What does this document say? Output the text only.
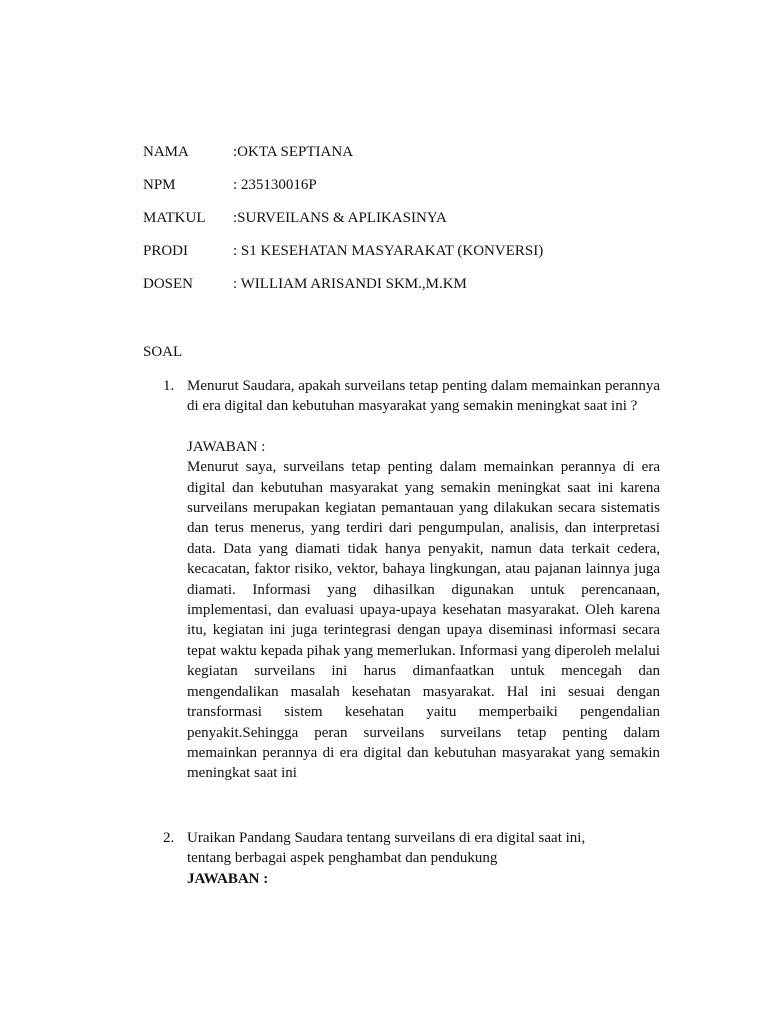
NAMA	:OKTA SEPTIANA
NPM	: 235130016P
MATKUL	:SURVEILANS & APLIKASINYA
PRODI	: S1 KESEHATAN MASYARAKAT (KONVERSI)
DOSEN	: WILLIAM ARISANDI SKM.,M.KM
SOAL
1. Menurut Saudara, apakah surveilans tetap penting dalam memainkan perannya di era digital dan kebutuhan masyarakat yang semakin meningkat saat ini ?
JAWABAN :
Menurut saya, surveilans tetap penting dalam memainkan perannya di era digital dan kebutuhan masyarakat yang semakin meningkat saat ini karena surveilans merupakan kegiatan pemantauan yang dilakukan secara sistematis dan terus menerus, yang terdiri dari pengumpulan, analisis, dan interpretasi data. Data yang diamati tidak hanya penyakit, namun data terkait cedera, kecacatan, faktor risiko, vektor, bahaya lingkungan, atau pajanan lainnya juga diamati. Informasi yang dihasilkan digunakan untuk perencanaan, implementasi, dan evaluasi upaya-upaya kesehatan masyarakat. Oleh karena itu, kegiatan ini juga terintegrasi dengan upaya diseminasi informasi secara tepat waktu kepada pihak yang memerlukan. Informasi yang diperoleh melalui kegiatan surveilans ini harus dimanfaatkan untuk mencegah dan mengendalikan masalah kesehatan masyarakat. Hal ini sesuai dengan transformasi sistem kesehatan yaitu memperbaiki pengendalian penyakit.Sehingga peran surveilans surveilans tetap penting dalam memainkan perannya di era digital dan kebutuhan masyarakat yang semakin meningkat saat ini
2. Uraikan Pandang Saudara tentang surveilans di era digital saat ini,
tentang berbagai aspek penghambat dan pendukung
JAWABAN :
